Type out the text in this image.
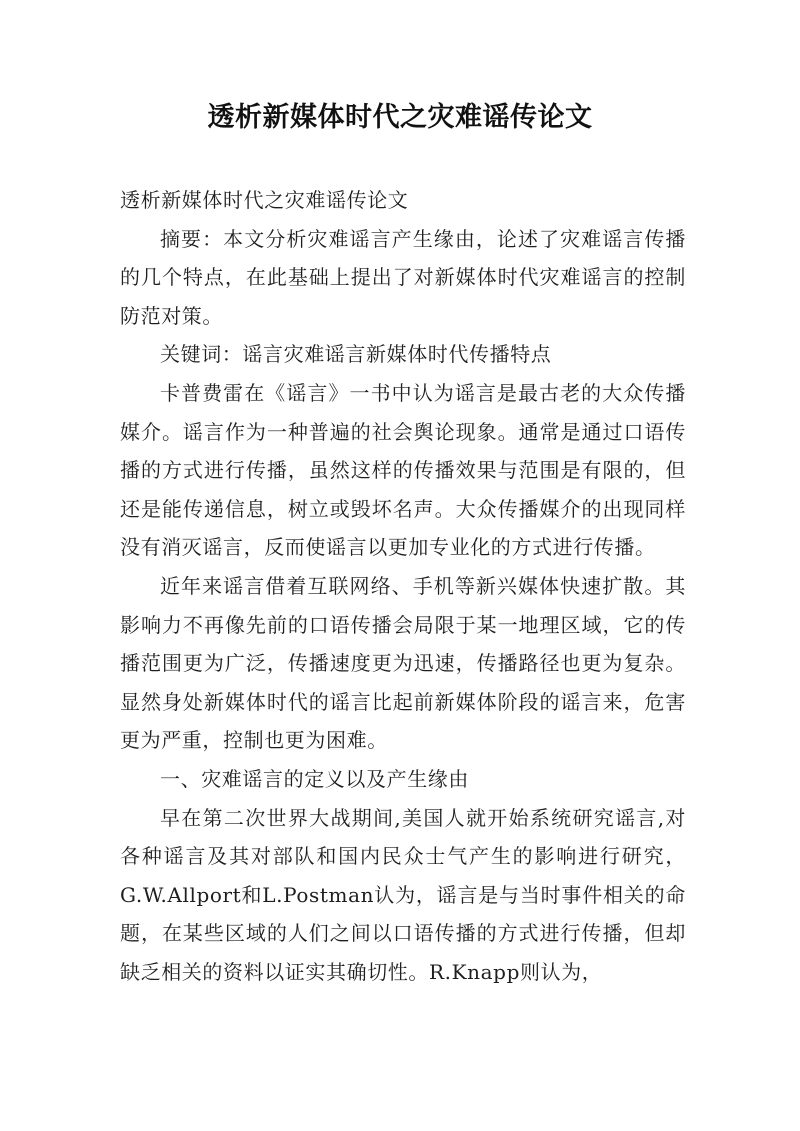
透析新媒体时代之灾难谣传论文

透析新媒体时代之灾难谣传论文

摘要：本文分析灾难谣言产生缘由，论述了灾难谣言传播的几个特点，在此基础上提出了对新媒体时代灾难谣言的控制防范对策。

关键词：谣言灾难谣言新媒体时代传播特点

卡普费雷在《谣言》一书中认为谣言是最古老的大众传播媒介。谣言作为一种普遍的社会舆论现象。通常是通过口语传播的方式进行传播，虽然这样的传播效果与范围是有限的，但还是能传递信息，树立或毁坏名声。大众传播媒介的出现同样没有消灭谣言，反而使谣言以更加专业化的方式进行传播。

近年来谣言借着互联网络、手机等新兴媒体快速扩散。其影响力不再像先前的口语传播会局限于某一地理区域，它的传播范围更为广泛，传播速度更为迅速，传播路径也更为复杂。显然身处新媒体时代的谣言比起前新媒体阶段的谣言来，危害更为严重，控制也更为困难。

一、灾难谣言的定义以及产生缘由

早在第二次世界大战期间,美国人就开始系统研究谣言,对各种谣言及其对部队和国内民众士气产生的影响进行研究，G.W.Allport和L.Postman认为，谣言是与当时事件相关的命题，在某些区域的人们之间以口语传播的方式进行传播，但却缺乏相关的资料以证实其确切性。R.Knapp则认为，
